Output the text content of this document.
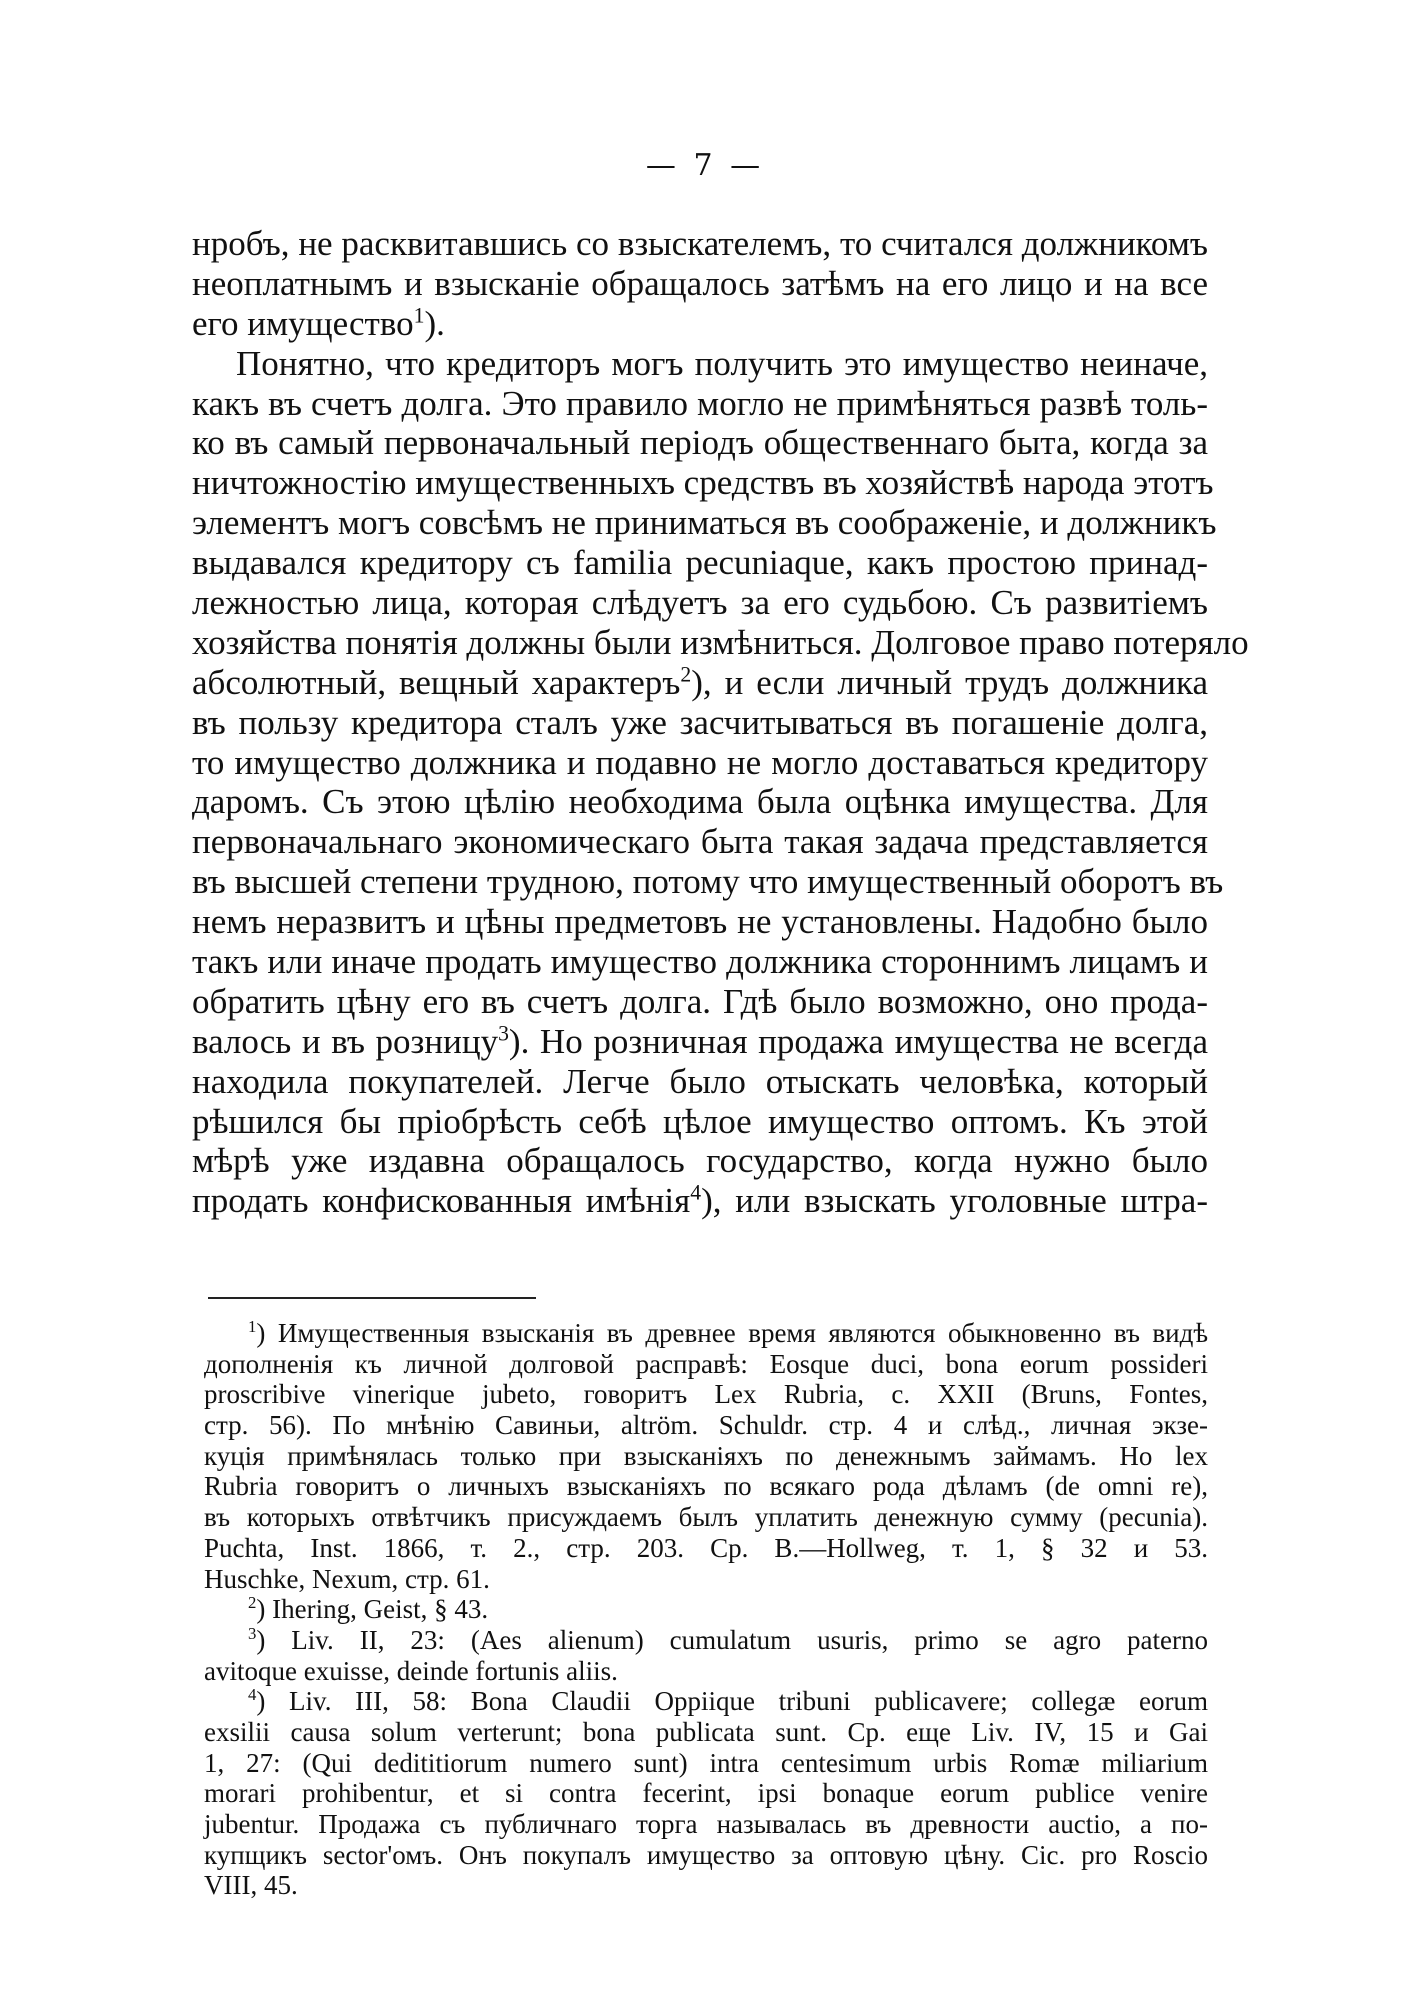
— 7 —
нробъ, не расквитавшись со взыскателемъ, то считался должникомъ
неоплатнымъ и взысканіе обращалось затѣмъ на его лицо и на все
его имущество$^1$).
Понятно, что кредиторъ могъ получить это имущество неиначе,
какъ въ счетъ долга. Это правило могло не примѣняться развѣ толь-
ко въ самый первоначальный періодъ общественнаго быта, когда за
ничтожностію имущественныхъ средствъ въ хозяйствѣ народа этотъ
элементъ могъ совсѣмъ не приниматься въ соображеніе, и должникъ
выдавался кредитору съ familia pecuniaque, какъ простою принад-
лежностью лица, которая слѣдуетъ за его судьбою. Съ развитіемъ
хозяйства понятія должны были измѣниться. Долговое право потеряло
абсолютный, вещный характеръ$^2$), и если личный трудъ должника
въ пользу кредитора сталъ уже засчитываться въ погашеніе долга,
то имущество должника и подавно не могло доставаться кредитору
даромъ. Съ этою цѣлію необходима была оцѣнка имущества. Для
первоначальнаго экономическаго быта такая задача представляется
въ высшей степени трудною, потому что имущественный оборотъ въ
немъ неразвитъ и цѣны предметовъ не установлены. Надобно было
такъ или иначе продать имущество должника стороннимъ лицамъ и
обратить цѣну его въ счетъ долга. Гдѣ было возможно, оно прода-
валось и въ розницу$^3$). Но розничная продажа имущества не всегда
находила покупателей. Легче было отыскать человѣка, который
рѣшился бы пріобрѣсть себѣ цѣлое имущество оптомъ. Къ этой
мѣрѣ уже издавна обращалось государство, когда нужно было
продать конфискованныя имѣнія$^4$), или взыскать уголовные штра-
$^1$) Имущественныя взысканія въ древнее время являются обыкновенно въ видѣ
дополненія къ личной долговой расправѣ: Eosque duci, bona eorum possideri
proscribive vinerique jubeto, говоритъ Lex Rubria, c. XXII (Bruns, Fontes,
стр. 56). По мнѣнію Савиньи, altröm. Schuldr. стр. 4 и слѣд., личная экзе-
куція примѣнялась только при взысканіяхъ по денежнымъ займамъ. Но lex
Rubria говоритъ о личныхъ взысканіяхъ по всякаго рода дѣламъ (de omni re),
въ которыхъ отвѣтчикъ присуждаемъ былъ уплатить денежную сумму (pecunia).
Puchta, Inst. 1866, т. 2., стр. 203. Ср. B.—Hollweg, т. 1, § 32 и 53.
Huschke, Nexum, стр. 61.
$^2$) Ihering, Geist, § 43.
$^3$) Liv. II, 23: (Aes alienum) cumulatum usuris, primo se agro paterno
avitoque exuisse, deinde fortunis aliis.
$^4$) Liv. III, 58: Bona Claudii Oppiique tribuni publicavere; collegæ eorum
exsilii causa solum verterunt; bona publicata sunt. Ср. еще Liv. IV, 15 и Gai
1, 27: (Qui dedititiorum numero sunt) intra centesimum urbis Romæ miliarium
morari prohibentur, et si contra fecerint, ipsi bonaque eorum publice venire
jubentur. Продажа съ публичнаго торга называлась въ древности auctio, а по-
купщикъ sector'омъ. Онъ покупалъ имущество за оптовую цѣну. Cic. pro Roscio
VIII, 45.
